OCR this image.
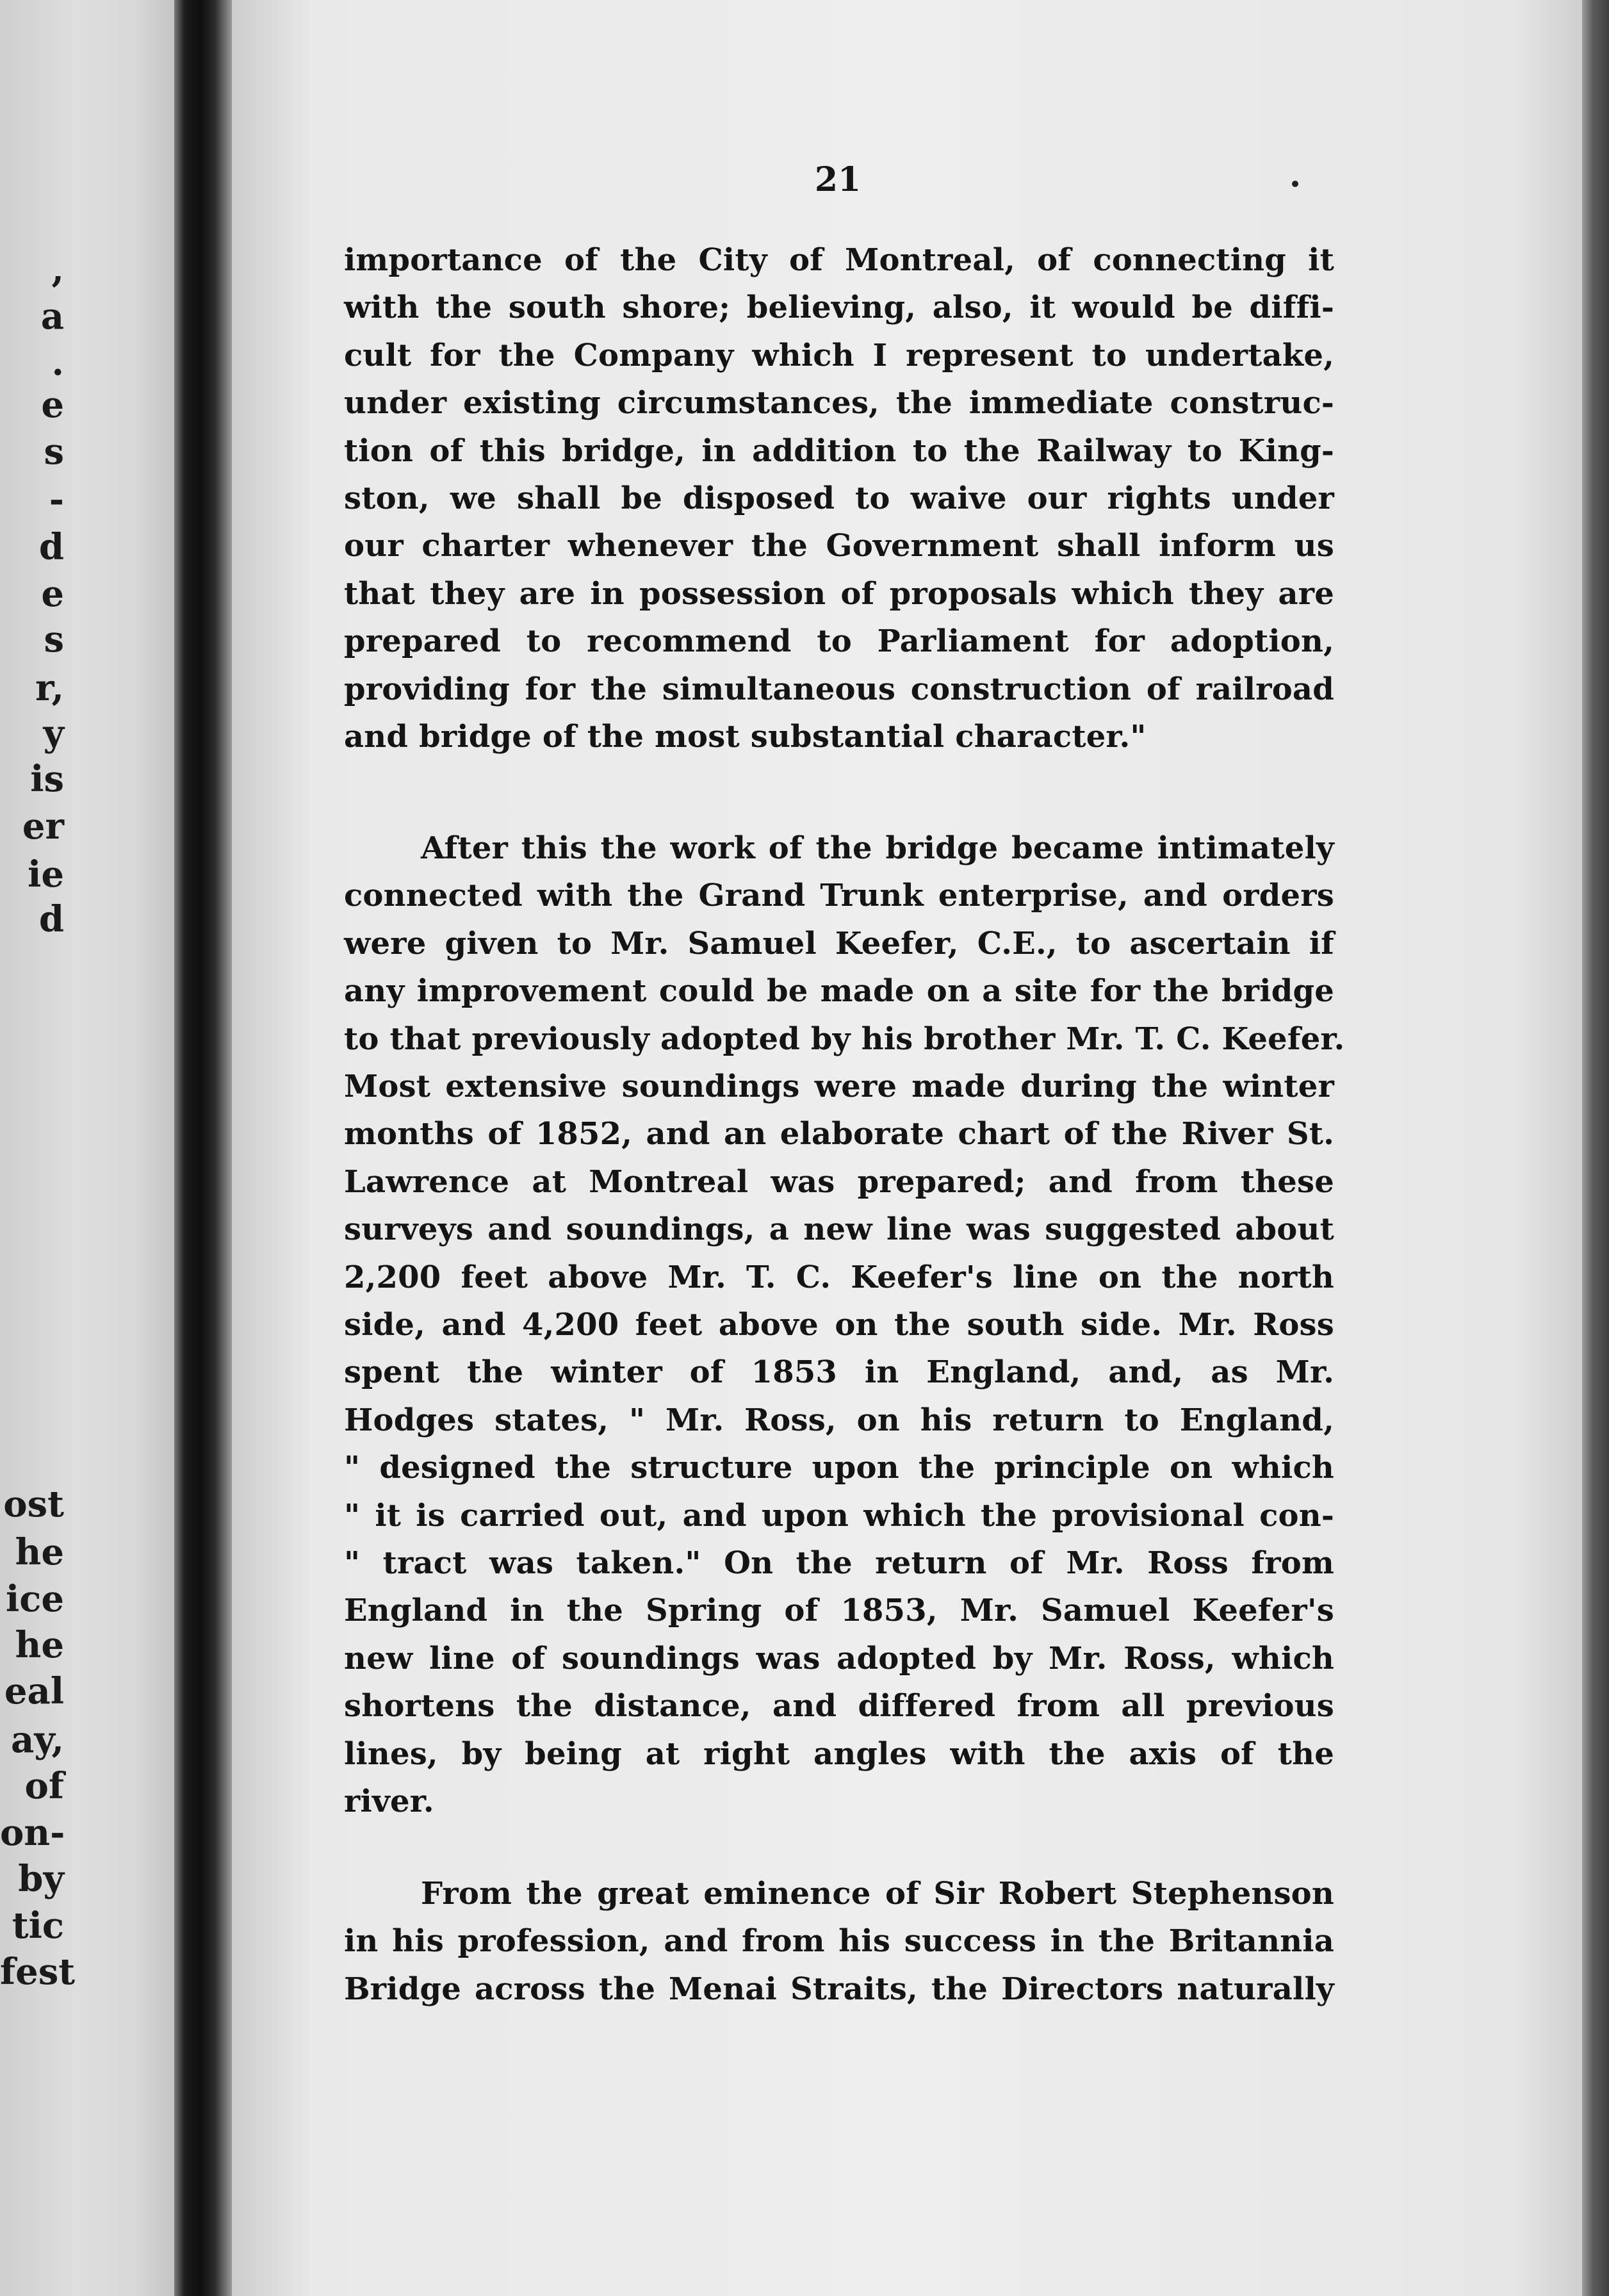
,
a
.
e
s
-
d
e
s
r,
y
is
er
ie
d
ost
he
ice
he
eal
ay,
of
on-
by
tic
fest
21
importance of the City of Montreal, of connecting it
with the south shore; believing, also, it would be diffi-
cult for the Company which I represent to undertake,
under existing circumstances, the immediate construc-
tion of this bridge, in addition to the Railway to King-
ston, we shall be disposed to waive our rights under
our charter whenever the Government shall inform us
that they are in possession of proposals which they are
prepared to recommend to Parliament for adoption,
providing for the simultaneous construction of railroad
and bridge of the most substantial character."
After this the work of the bridge became intimately
connected with the Grand Trunk enterprise, and orders
were given to Mr. Samuel Keefer, C.E., to ascertain if
any improvement could be made on a site for the bridge
to that previously adopted by his brother Mr. T. C. Keefer.
Most extensive soundings were made during the winter
months of 1852, and an elaborate chart of the River St.
Lawrence at Montreal was prepared; and from these
surveys and soundings, a new line was suggested about
2,200 feet above Mr. T. C. Keefer's line on the north
side, and 4,200 feet above on the south side. Mr. Ross
spent the winter of 1853 in England, and, as Mr.
Hodges states, " Mr. Ross, on his return to England,
" designed the structure upon the principle on which
" it is carried out, and upon which the provisional con-
" tract was taken." On the return of Mr. Ross from
England in the Spring of 1853, Mr. Samuel Keefer's
new line of soundings was adopted by Mr. Ross, which
shortens the distance, and differed from all previous
lines, by being at right angles with the axis of the
river.
From the great eminence of Sir Robert Stephenson
in his profession, and from his success in the Britannia
Bridge across the Menai Straits, the Directors naturally
